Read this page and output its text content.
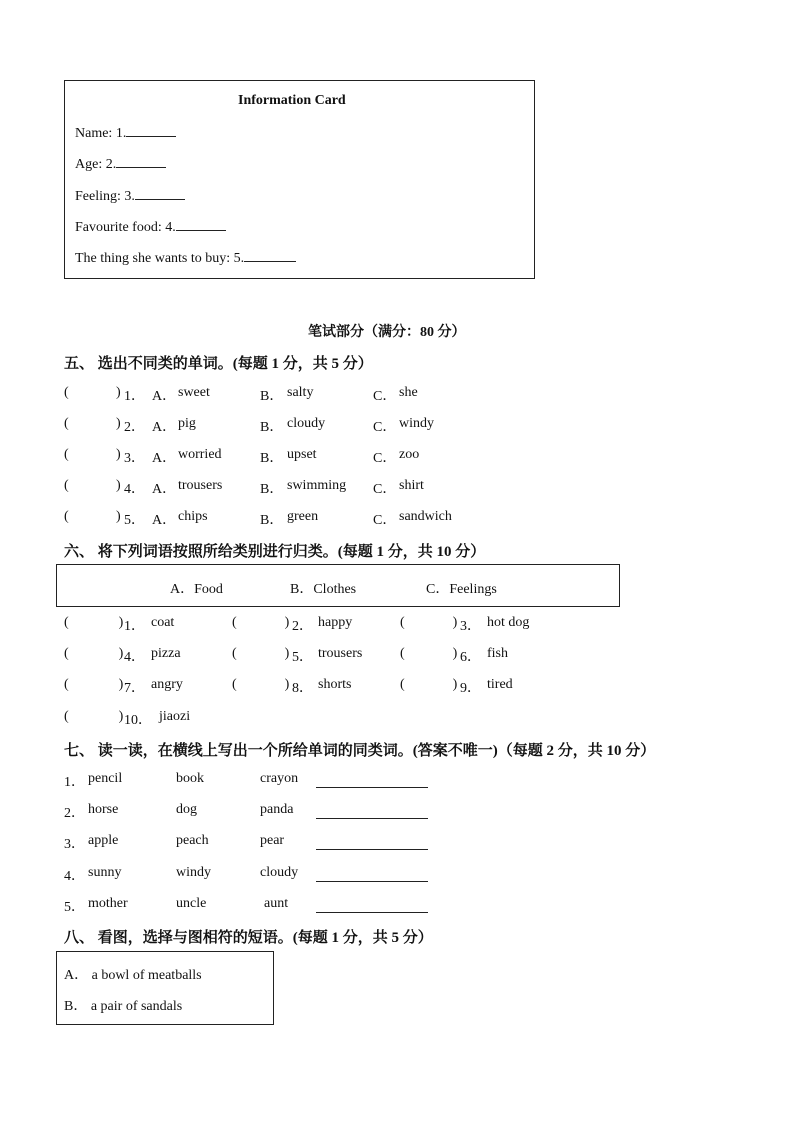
Information Card
Name: 1.
Age: 2.
Feeling: 3.
Favourite food: 4.
The thing she wants to buy: 5.
笔试部分（满分：80 分）
五、 选出不同类的单词。(每题 1 分，共 5 分）
(	) 1． A． sweet	B． salty	C． she
(	) 2． A． pig	B． cloudy	C． windy
(	) 3． A． worried	B． upset	C． zoo
(	) 4． A． trousers	B． swimming C． shirt
(	) 5． A． chips	B． green	C． sandwich
六、 将下列词语按照所给类别进行归类。(每题 1 分，共 10 分）
A．Food	B．Clothes	C．Feelings
(	) 1． coat	(	) 2． happy	(	) 3． hot dog
(	) 4． pizza	(	) 5． trousers	(	) 6． fish
(	) 7． angry	(	) 8． shorts	(	) 9． tired
(	) 10． jiaozi
七、 读一读，在横线上写出一个所给单词的同类词。(答案不唯一)（每题 2 分，共 10 分）
1． pencil	book	crayon
2． horse	dog	panda
3． apple	peach	pear
4． sunny	windy	cloudy
5． mother	uncle	aunt
八、 看图，选择与图相符的短语。(每题 1 分，共 5 分）
A． a bowl of meatballs
B． a pair of sandals
